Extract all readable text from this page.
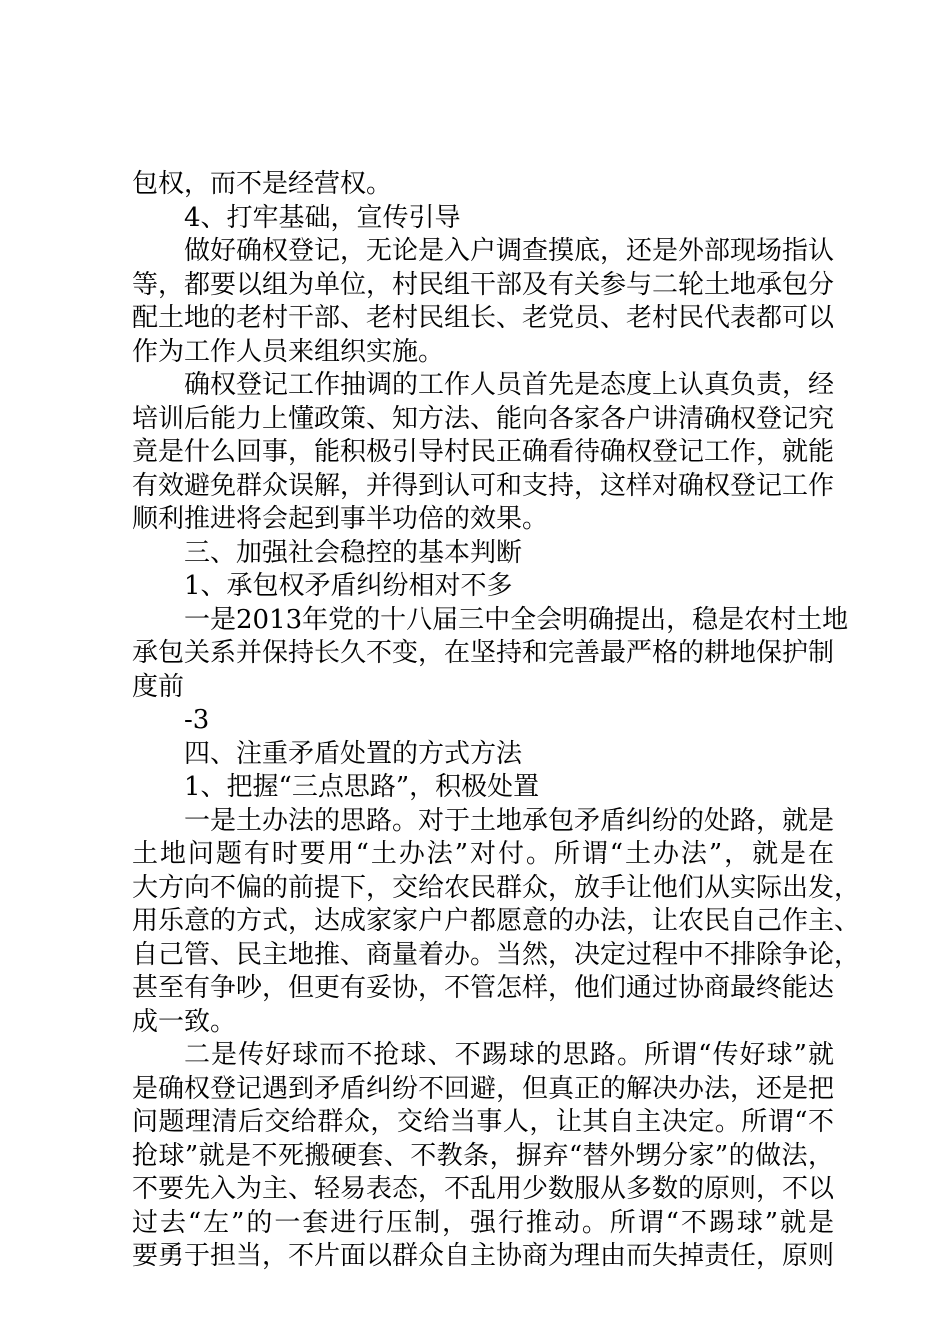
包权，而不是经营权。
4、打牢基础，宣传引导
做好确权登记，无论是入户调查摸底，还是外部现场指认
等，都要以组为单位，村民组干部及有关参与二轮土地承包分
配土地的老村干部、老村民组长、老党员、老村民代表都可以
作为工作人员来组织实施。
确权登记工作抽调的工作人员首先是态度上认真负责，经
培训后能力上懂政策、知方法、能向各家各户讲清确权登记究
竟是什么回事，能积极引导村民正确看待确权登记工作，就能
有效避免群众误解，并得到认可和支持，这样对确权登记工作
顺利推进将会起到事半功倍的效果。
三、加强社会稳控的基本判断
1、承包权矛盾纠纷相对不多
一是2013年党的十八届三中全会明确提出，稳是农村土地
承包关系并保持长久不变，在坚持和完善最严格的耕地保护制
度前
-3
四、注重矛盾处置的方式方法
1、把握“三点思路”，积极处置
一是土办法的思路。对于土地承包矛盾纠纷的处路，就是
土地问题有时要用“土办法”对付。所谓“土办法”，就是在
大方向不偏的前提下，交给农民群众，放手让他们从实际出发，
用乐意的方式，达成家家户户都愿意的办法，让农民自己作主、
自己管、民主地推、商量着办。当然，决定过程中不排除争论，
甚至有争吵，但更有妥协，不管怎样，他们通过协商最终能达
成一致。
二是传好球而不抢球、不踢球的思路。所谓“传好球”就
是确权登记遇到矛盾纠纷不回避，但真正的解决办法，还是把
问题理清后交给群众，交给当事人，让其自主决定。所谓“不
抢球”就是不死搬硬套、不教条，摒弃“替外甥分家”的做法，
不要先入为主、轻易表态，不乱用少数服从多数的原则，不以
过去“左”的一套进行压制，强行推动。所谓“不踢球”就是
要勇于担当，不片面以群众自主协商为理由而失掉责任，原则
